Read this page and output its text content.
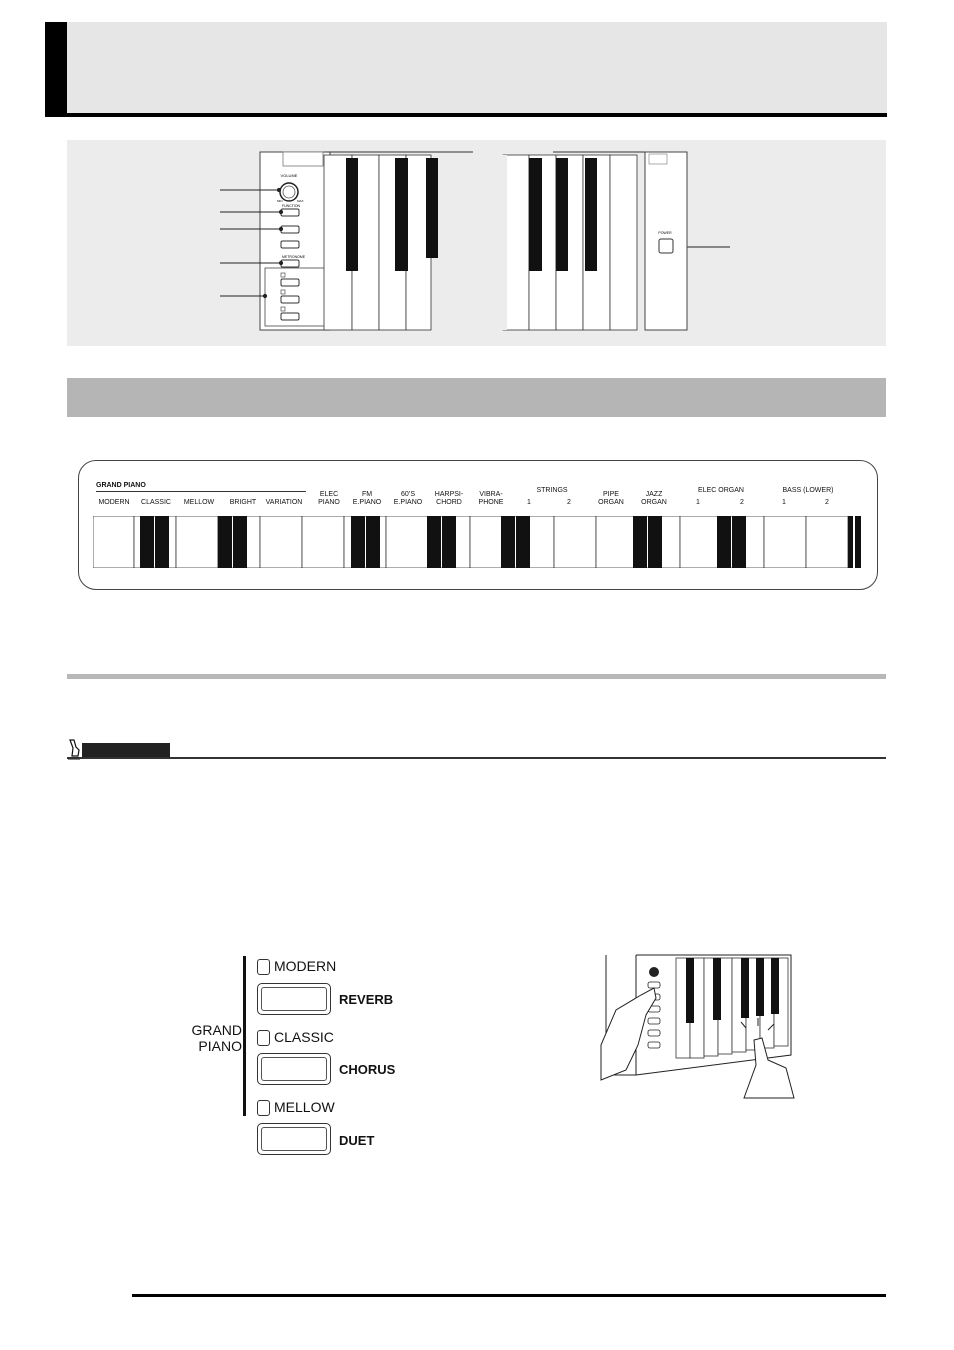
VOLUME
MIN	MAX
FUNCTION
METRONOME
POWER
GRAND PIANO
STRINGS	ELEC ORGAN	BASS (LOWER)
MODERN	CLASSIC	MELLOW	BRIGHT	VARIATION
ELEC
PIANO
FM
E.PIANO
60’S
E.PIANO
HARPSI-
CHORD
VIBRA-
PHONE	1	2
PIPE
ORGAN
JAZZ
ORGAN	1	2	1	2
GRAND
PIANO
MODERN
REVERB
CLASSIC
CHORUS
MELLOW
DUET
